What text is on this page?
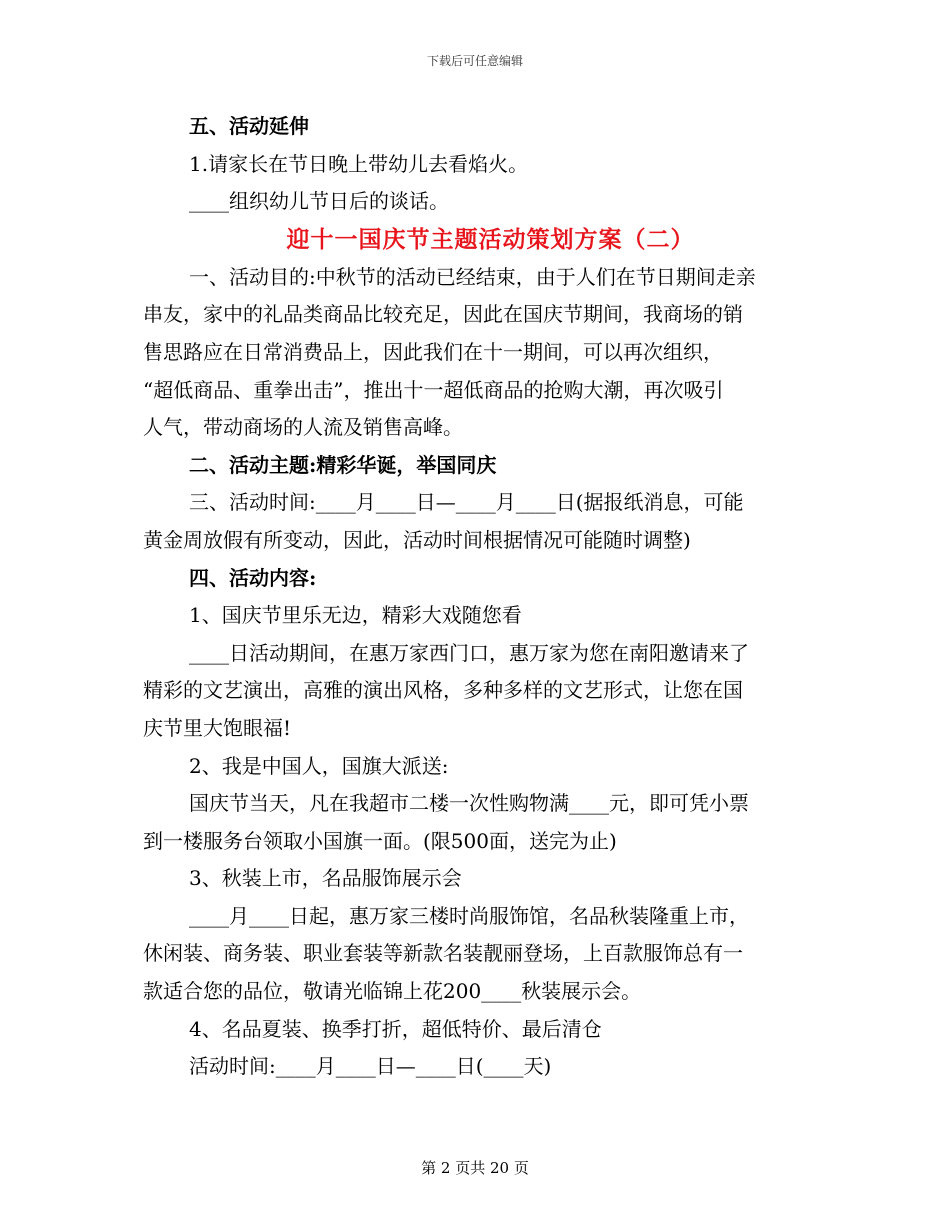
下载后可任意编辑
五、活动延伸
1.请家长在节日晚上带幼儿去看焰火。
____组织幼儿节日后的谈话。
迎十一国庆节主题活动策划方案（二）
一、活动目的:中秋节的活动已经结束，由于人们在节日期间走亲
串友，家中的礼品类商品比较充足，因此在国庆节期间，我商场的销
售思路应在日常消费品上，因此我们在十一期间，可以再次组织，
“超低商品、重拳出击”，推出十一超低商品的抢购大潮，再次吸引
人气，带动商场的人流及销售高峰。
二、活动主题:精彩华诞，举国同庆
三、活动时间:____月____日—____月____日(据报纸消息，可能
黄金周放假有所变动，因此，活动时间根据情况可能随时调整)
四、活动内容:
1、国庆节里乐无边，精彩大戏随您看
____日活动期间，在惠万家西门口，惠万家为您在南阳邀请来了
精彩的文艺演出，高雅的演出风格，多种多样的文艺形式，让您在国
庆节里大饱眼福!
2、我是中国人，国旗大派送:
国庆节当天，凡在我超市二楼一次性购物满____元，即可凭小票
到一楼服务台领取小国旗一面。(限500面，送完为止)
3、秋装上市，名品服饰展示会
____月____日起，惠万家三楼时尚服饰馆，名品秋装隆重上市，
休闲装、商务装、职业套装等新款名装靓丽登场，上百款服饰总有一
款适合您的品位，敬请光临锦上花200____秋装展示会。
4、名品夏装、换季打折，超低特价、最后清仓
活动时间:____月____日—____日(____天)
第 2 页共 20 页
